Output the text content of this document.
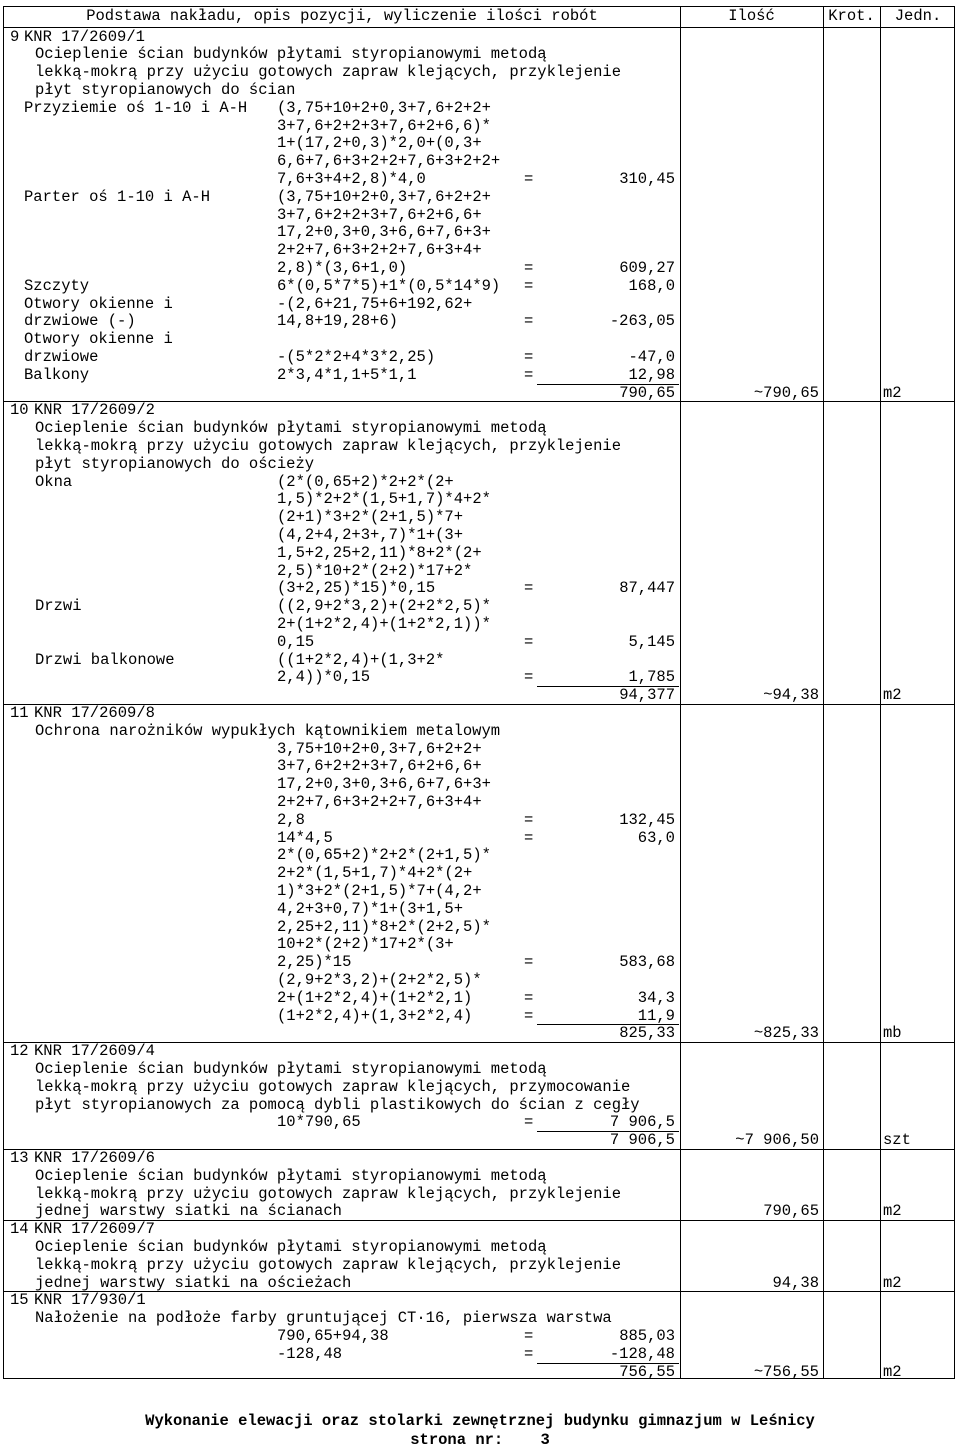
Podstawa nakładu, opis pozycji, wyliczenie ilości robót	Ilość	Krot.	Jedn.
9 KNR 17/2609/1
Ocieplenie ścian budynków płytami styropianowymi metodą
lekką-mokrą przy użyciu gotowych zapraw klejących, przyklejenie
płyt styropianowych do ścian
Przyziemie oś 1-10 i A-H (3,75+10+2+0,3+7,6+2+2+
3+7,6+2+2+3+7,6+2+6,6)*
1+(17,2+0,3)*2,0+(0,3+
6,6+7,6+3+2+2+7,6+3+2+2+
7,6+3+4+2,8)*4,0	=	310,45
Parter oś 1-10 i A-H	(3,75+10+2+0,3+7,6+2+2+
3+7,6+2+2+3+7,6+2+6,6+
17,2+0,3+0,3+6,6+7,6+3+
2+2+7,6+3+2+2+7,6+3+4+
2,8)*(3,6+1,0)	=	609,27
Szczyty	6*(0,5*7*5)+1*(0,5*14*9) =	168,0
Otwory okienne i	-(2,6+21,75+6+192,62+
drzwiowe (-)	14,8+19,28+6)	=	-263,05
Otwory okienne i
drzwiowe	-(5*2*2+4*3*2,25)	=	-47,0
Balkony	2*3,4*1,1+5*1,1	=	12,98
790,65	~790,65	m2
10 KNR 17/2609/2
Ocieplenie ścian budynków płytami styropianowymi metodą
lekką-mokrą przy użyciu gotowych zapraw klejących, przyklejenie
płyt styropianowych do ościeży
Okna	(2*(0,65+2)*2+2*(2+
1,5)*2+2*(1,5+1,7)*4+2*
(2+1)*3+2*(2+1,5)*7+
(4,2+4,2+3+,7)*1+(3+
1,5+2,25+2,11)*8+2*(2+
2,5)*10+2*(2+2)*17+2*
(3+2,25)*15)*0,15	=	87,447
Drzwi	((2,9+2*3,2)+(2+2*2,5)*
2+(1+2*2,4)+(1+2*2,1))*
0,15	=	5,145
Drzwi balkonowe	((1+2*2,4)+(1,3+2*
2,4))*0,15	=	1,785
94,377	~94,38	m2
11 KNR 17/2609/8
Ochrona narożników wypukłych kątownikiem metalowym
3,75+10+2+0,3+7,6+2+2+
3+7,6+2+2+3+7,6+2+6,6+
17,2+0,3+0,3+6,6+7,6+3+
2+2+7,6+3+2+2+7,6+3+4+
2,8	=	132,45
14*4,5	=	63,0
2*(0,65+2)*2+2*(2+1,5)*
2+2*(1,5+1,7)*4+2*(2+
1)*3+2*(2+1,5)*7+(4,2+
4,2+3+0,7)*1+(3+1,5+
2,25+2,11)*8+2*(2+2,5)*
10+2*(2+2)*17+2*(3+
2,25)*15	=	583,68
(2,9+2*3,2)+(2+2*2,5)*
2+(1+2*2,4)+(1+2*2,1)	=	34,3
(1+2*2,4)+(1,3+2*2,4)	=	11,9
825,33	~825,33	mb
12 KNR 17/2609/4
Ocieplenie ścian budynków płytami styropianowymi metodą
lekką-mokrą przy użyciu gotowych zapraw klejących, przymocowanie
płyt styropianowych za pomocą dybli plastikowych do ścian z cegły
10*790,65	=	7 906,5
7 906,5	~7 906,50	szt
13 KNR 17/2609/6
Ocieplenie ścian budynków płytami styropianowymi metodą
lekką-mokrą przy użyciu gotowych zapraw klejących, przyklejenie
jednej warstwy siatki na ścianach	790,65	m2
14 KNR 17/2609/7
Ocieplenie ścian budynków płytami styropianowymi metodą
lekką-mokrą przy użyciu gotowych zapraw klejących, przyklejenie
jednej warstwy siatki na ościeżach	94,38	m2
15 KNR 17/930/1
Nałożenie na podłoże farby gruntującej CT·16, pierwsza warstwa
790,65+94,38	=	885,03
-128,48	=	-128,48
756,55	~756,55	m2
Wykonanie elewacji oraz stolarki zewnętrznej budynku gimnazjum w Leśnicy
strona nr: 3
